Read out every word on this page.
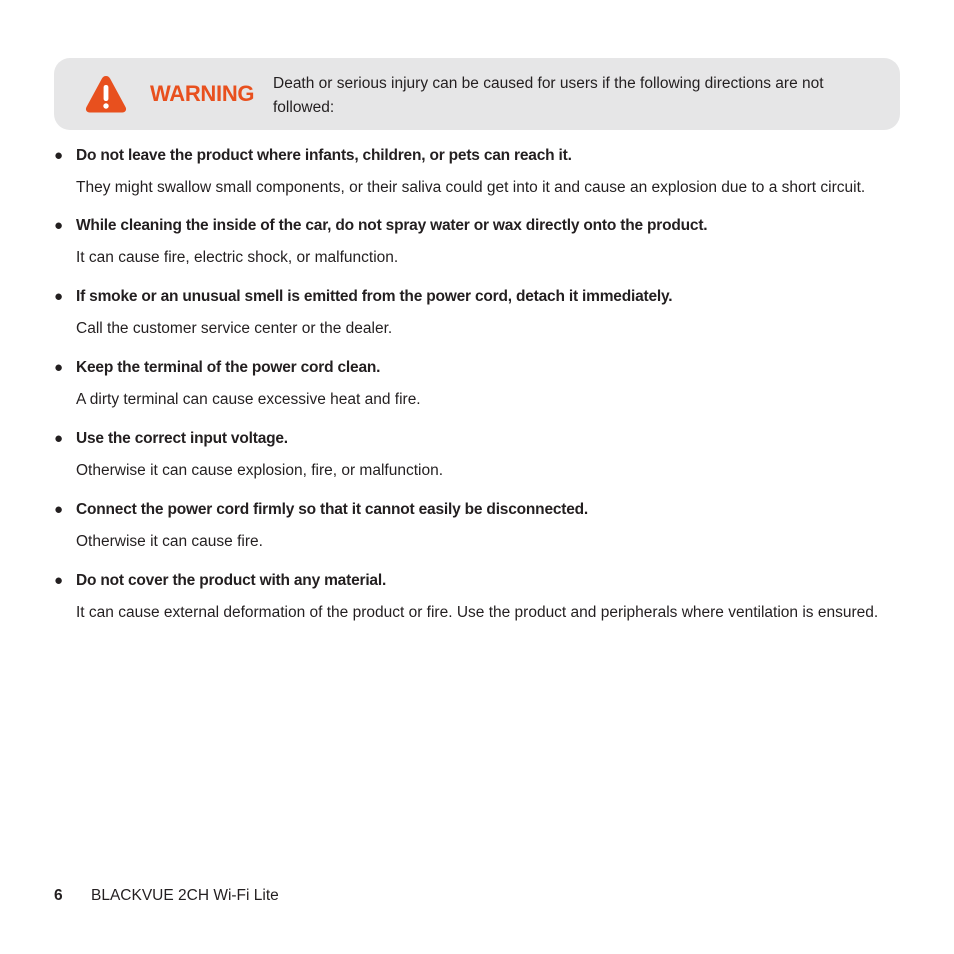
WARNING Death or serious injury can be caused for users if the following directions are not followed:
● Do not leave the product where infants, children, or pets can reach it.
They might swallow small components, or their saliva could get into it and cause an explosion due to a short circuit.
● While cleaning the inside of the car, do not spray water or wax directly onto the product.
It can cause fire, electric shock, or malfunction.
● If smoke or an unusual smell is emitted from the power cord, detach it immediately.
Call the customer service center or the dealer.
● Keep the terminal of the power cord clean.
A dirty terminal can cause excessive heat and fire.
● Use the correct input voltage.
Otherwise it can cause explosion, fire, or malfunction.
● Connect the power cord firmly so that it cannot easily be disconnected.
Otherwise it can cause fire.
● Do not cover the product with any material.
It can cause external deformation of the product or fire. Use the product and peripherals where ventilation is ensured.
6 BLACKVUE 2CH Wi-Fi Lite
